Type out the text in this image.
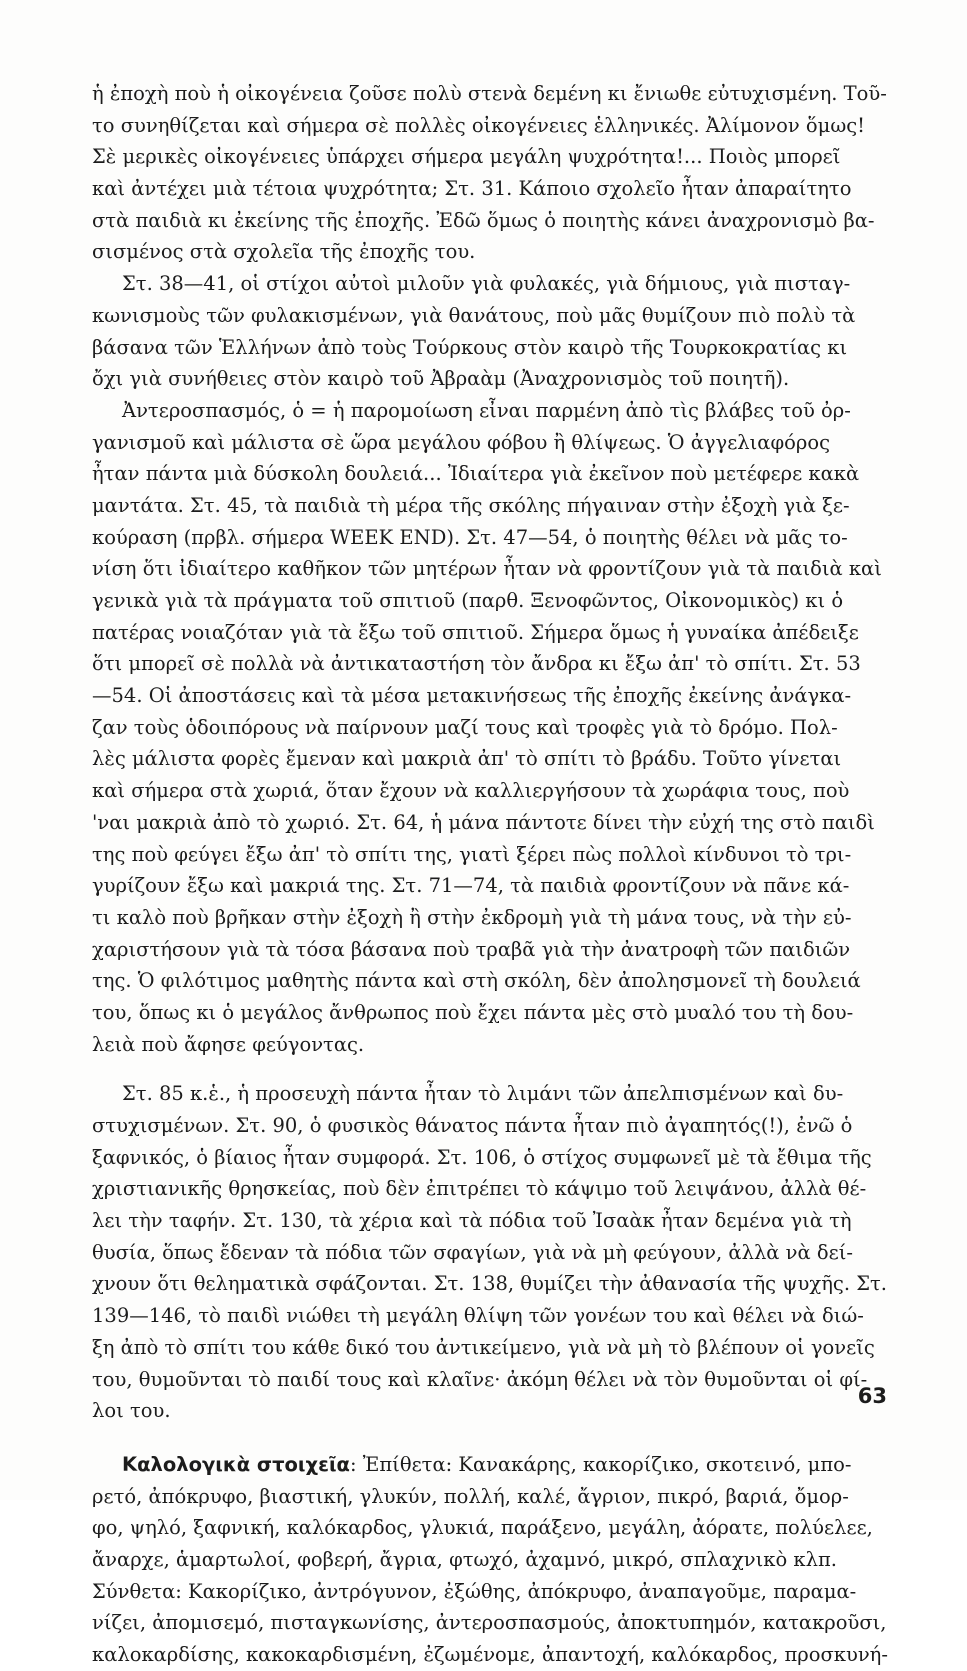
ἡ ἐποχὴ ποὺ ἡ οἰκογένεια ζοῦσε πολὺ στενὰ δεμένη κι ἔνιωθε εὐτυχισμένη. Τοῦ-
το συνηθίζεται καὶ σήμερα σὲ πολλὲς οἰκογένειες ἑλληνικές. Ἀλίμονον ὅμως!
Σὲ μερικὲς οἰκογένειες ὑπάρχει σήμερα μεγάλη ψυχρότητα!... Ποιὸς μπορεῖ
καὶ ἀντέχει μιὰ τέτοια ψυχρότητα; Στ. 31. Κάποιο σχολεῖο ἦταν ἀπαραίτητο
στὰ παιδιὰ κι ἐκείνης τῆς ἐποχῆς. Ἐδῶ ὅμως ὁ ποιητὴς κάνει ἀναχρονισμὸ βα-
σισμένος στὰ σχολεῖα τῆς ἐποχῆς του.
Στ. 38—41, οἱ στίχοι αὐτοὶ μιλοῦν γιὰ φυλακές, γιὰ δήμιους, γιὰ πισταγ-
κωνισμοὺς τῶν φυλακισμένων, γιὰ θανάτους, ποὺ μᾶς θυμίζουν πιὸ πολὺ τὰ
βάσανα τῶν Ἑλλήνων ἀπὸ τοὺς Τούρκους στὸν καιρὸ τῆς Τουρκοκρατίας κι
ὄχι γιὰ συνήθειες στὸν καιρὸ τοῦ Ἀβραὰμ (Ἀναχρονισμὸς τοῦ ποιητῆ).
Ἀντεροσπασμός, ὁ = ἡ παρομοίωση εἶναι παρμένη ἀπὸ τὶς βλάβες τοῦ ὀρ-
γανισμοῦ καὶ μάλιστα σὲ ὥρα μεγάλου φόβου ἢ θλίψεως. Ὁ ἀγγελιαφόρος
ἦταν πάντα μιὰ δύσκολη δουλειά... Ἰδιαίτερα γιὰ ἐκεῖνον ποὺ μετέφερε κακὰ
μαντάτα. Στ. 45, τὰ παιδιὰ τὴ μέρα τῆς σκόλης πήγαιναν στὴν ἐξοχὴ γιὰ ξε-
κούραση (πρβλ. σήμερα WEEK END). Στ. 47—54, ὁ ποιητὴς θέλει νὰ μᾶς το-
νίση ὅτι ἰδιαίτερο καθῆκον τῶν μητέρων ἦταν νὰ φροντίζουν γιὰ τὰ παιδιὰ καὶ
γενικὰ γιὰ τὰ πράγματα τοῦ σπιτιοῦ (παρθ. Ξενοφῶντος, Οἰκονομικὸς) κι ὁ
πατέρας νοιαζόταν γιὰ τὰ ἔξω τοῦ σπιτιοῦ. Σήμερα ὅμως ἡ γυναίκα ἀπέδειξε
ὅτι μπορεῖ σὲ πολλὰ νὰ ἀντικαταστήση τὸν ἄνδρα κι ἔξω ἀπ' τὸ σπίτι. Στ. 53
—54. Οἱ ἀποστάσεις καὶ τὰ μέσα μετακινήσεως τῆς ἐποχῆς ἐκείνης ἀνάγκα-
ζαν τοὺς ὁδοιπόρους νὰ παίρνουν μαζί τους καὶ τροφὲς γιὰ τὸ δρόμο. Πολ-
λὲς μάλιστα φορὲς ἔμεναν καὶ μακριὰ ἀπ' τὸ σπίτι τὸ βράδυ. Τοῦτο γίνεται
καὶ σήμερα στὰ χωριά, ὅταν ἔχουν νὰ καλλιεργήσουν τὰ χωράφια τους, ποὺ
'ναι μακριὰ ἀπὸ τὸ χωριό. Στ. 64, ἡ μάνα πάντοτε δίνει τὴν εὐχή της στὸ παιδὶ
της ποὺ φεύγει ἔξω ἀπ' τὸ σπίτι της, γιατὶ ξέρει πὼς πολλοὶ κίνδυνοι τὸ τρι-
γυρίζουν ἔξω καὶ μακριά της. Στ. 71—74, τὰ παιδιὰ φροντίζουν νὰ πᾶνε κά-
τι καλὸ ποὺ βρῆκαν στὴν ἐξοχὴ ἢ στὴν ἐκδρομὴ γιὰ τὴ μάνα τους, νὰ τὴν εὐ-
χαριστήσουν γιὰ τὰ τόσα βάσανα ποὺ τραβᾶ γιὰ τὴν ἀνατροφὴ τῶν παιδιῶν
της. Ὁ φιλότιμος μαθητὴς πάντα καὶ στὴ σκόλη, δὲν ἀπολησμονεῖ τὴ δουλειά
του, ὅπως κι ὁ μεγάλος ἄνθρωπος ποὺ ἔχει πάντα μὲς στὸ μυαλό του τὴ δου-
λειὰ ποὺ ἄφησε φεύγοντας.
Στ. 85 κ.ἑ., ἡ προσευχὴ πάντα ἦταν τὸ λιμάνι τῶν ἀπελπισμένων καὶ δυ-
στυχισμένων. Στ. 90, ὁ φυσικὸς θάνατος πάντα ἦταν πιὸ ἀγαπητός(!), ἐνῶ ὁ
ξαφνικός, ὁ βίαιος ἦταν συμφορά. Στ. 106, ὁ στίχος συμφωνεῖ μὲ τὰ ἔθιμα τῆς
χριστιανικῆς θρησκείας, ποὺ δὲν ἐπιτρέπει τὸ κάψιμο τοῦ λειψάνου, ἀλλὰ θέ-
λει τὴν ταφήν. Στ. 130, τὰ χέρια καὶ τὰ πόδια τοῦ Ἰσαὰκ ἦταν δεμένα γιὰ τὴ
θυσία, ὅπως ἔδεναν τὰ πόδια τῶν σφαγίων, γιὰ νὰ μὴ φεύγουν, ἀλλὰ νὰ δεί-
χνουν ὅτι θεληματικὰ σφάζονται. Στ. 138, θυμίζει τὴν ἀθανασία τῆς ψυχῆς. Στ.
139—146, τὸ παιδὶ νιώθει τὴ μεγάλη θλίψη τῶν γονέων του καὶ θέλει νὰ διώ-
ξη ἀπὸ τὸ σπίτι του κάθε δικό του ἀντικείμενο, γιὰ νὰ μὴ τὸ βλέπουν οἱ γονεῖς
του, θυμοῦνται τὸ παιδί τους καὶ κλαῖνε· ἀκόμη θέλει νὰ τὸν θυμοῦνται οἱ φί-
λοι του.
Καλολογικὰ στοιχεῖα: Ἐπίθετα: Κανακάρης, κακορίζικο, σκοτεινό, μπο-
ρετό, ἀπόκρυφο, βιαστική, γλυκύν, πολλή, καλέ, ἄγριον, πικρό, βαριά, ὄμορ-
φο, ψηλό, ξαφνική, καλόκαρδος, γλυκιά, παράξενο, μεγάλη, ἀόρατε, πολύελεε,
ἄναρχε, ἁμαρτωλοί, φοβερή, ἄγρια, φτωχό, ἀχαμνό, μικρό, σπλαχνικὸ κλπ.
Σύνθετα: Κακορίζικο, ἀντρόγυνον, ἐξώθης, ἀπόκρυφο, ἀναπαγοῦμε, παραμα-
νίζει, ἀπομισεμό, πισταγκωνίσης, ἀντεροσπασμούς, ἀποκτυπημόν, κατακροῦσι,
καλοκαρδίσης, κακοκαρδισμένη, ἐζωμένομε, ἀπαντοχή, καλόκαρδος, προσκυνή-
63
